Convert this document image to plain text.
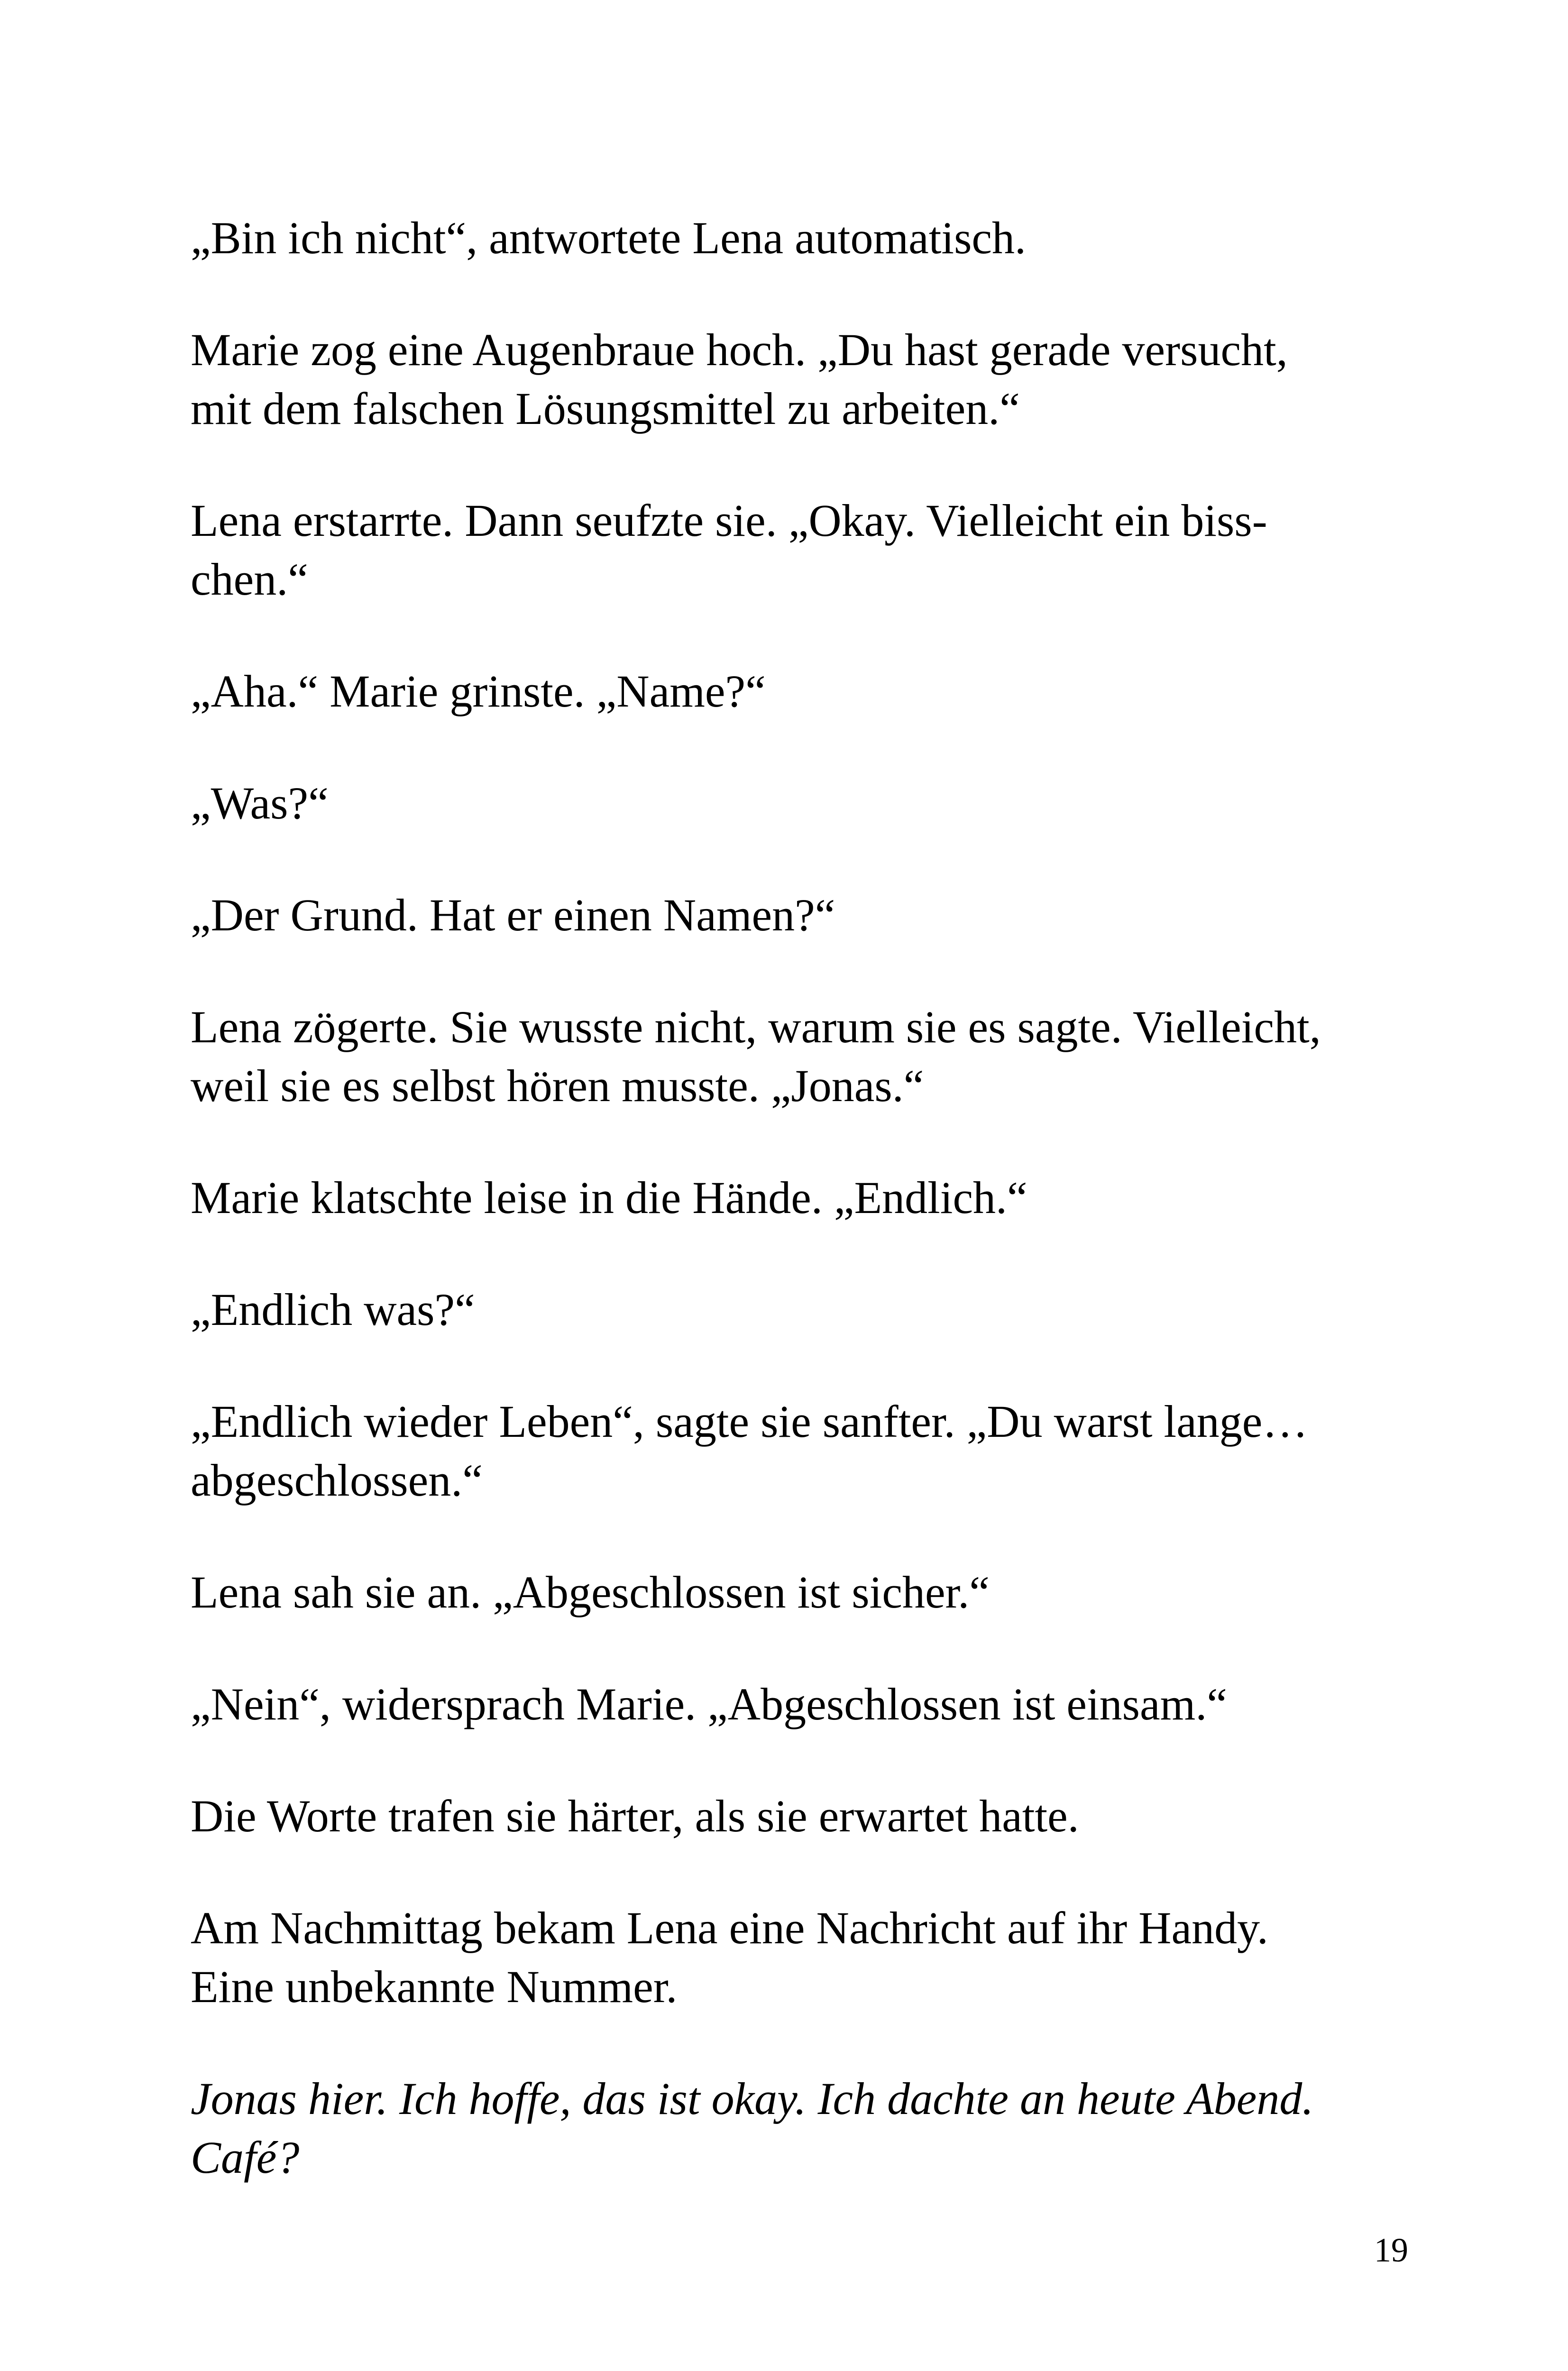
„Bin ich nicht“, antwortete Lena automatisch.

Marie zog eine Augenbraue hoch. „Du hast gerade versucht,
mit dem falschen Lösungsmittel zu arbeiten.“

Lena erstarrte. Dann seufzte sie. „Okay. Vielleicht ein biss-
chen.“

„Aha.“ Marie grinste. „Name?“

„Was?“

„Der Grund. Hat er einen Namen?“

Lena zögerte. Sie wusste nicht, warum sie es sagte. Vielleicht,
weil sie es selbst hören musste. „Jonas.“

Marie klatschte leise in die Hände. „Endlich.“

„Endlich was?“

„Endlich wieder Leben“, sagte sie sanfter. „Du warst lange…
abgeschlossen.“

Lena sah sie an. „Abgeschlossen ist sicher.“

„Nein“, widersprach Marie. „Abgeschlossen ist einsam.“

Die Worte trafen sie härter, als sie erwartet hatte.

Am Nachmittag bekam Lena eine Nachricht auf ihr Handy.
Eine unbekannte Nummer.

Jonas hier. Ich hoffe, das ist okay. Ich dachte an heute Abend.
Café?

19
